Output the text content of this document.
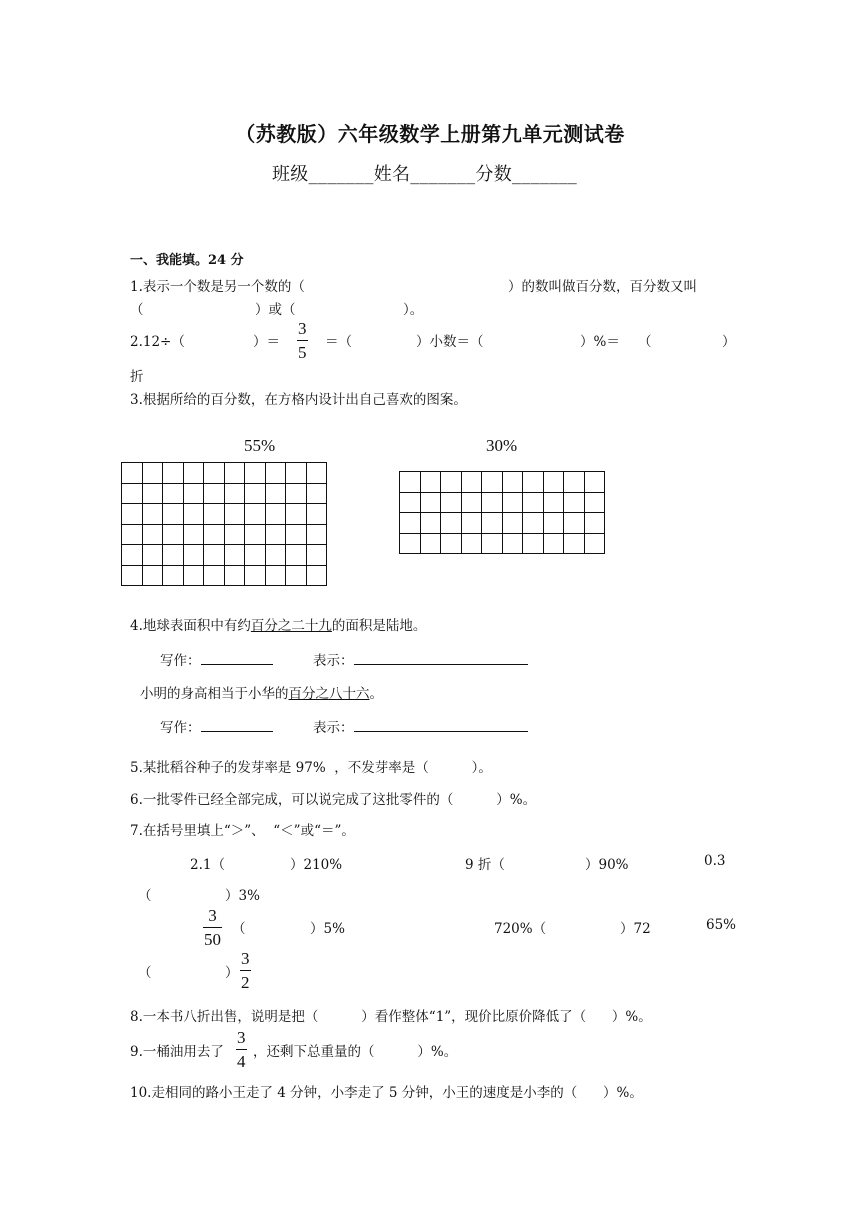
（苏教版）六年级数学上册第九单元测试卷
班级_______姓名_______分数_______
一、我能填。24 分
1.表示一个数是另一个数的（	）的数叫做百分数，百分数又叫
（	）或（	）。
2.12÷（	）＝
3
5
＝（	）小数＝（	）%＝ （	）
折
3.根据所给的百分数，在方格内设计出自己喜欢的图案。
55%	30%

4.地球表面积中有约百分之二十九的面积是陆地。
写作：	表示：
小明的身高相当于小华的百分之八十六。
写作：	表示：
5.某批稻谷种子的发芽率是 97%  ，不发芽率是（          ）。
6.一批零件已经全部完成，可以说完成了这批零件的（          ）%。
7.在括号里填上“＞”、  “＜”或“＝”。
2.1（	）210%	9 折（	）90%	0.3
（	）3%
3
50
（	）5%	720%（	）72	65%
（	）
3
2
8.一本书八折出售，说明是把（          ）看作整体“1”，现价比原价降低了（      ）%。
9.一桶油用去了
3
4 ，还剩下总重量的（          ）%。
10.走相同的路小王走了 4 分钟，小李走了 5 分钟，小王的速度是小李的（      ）%。
